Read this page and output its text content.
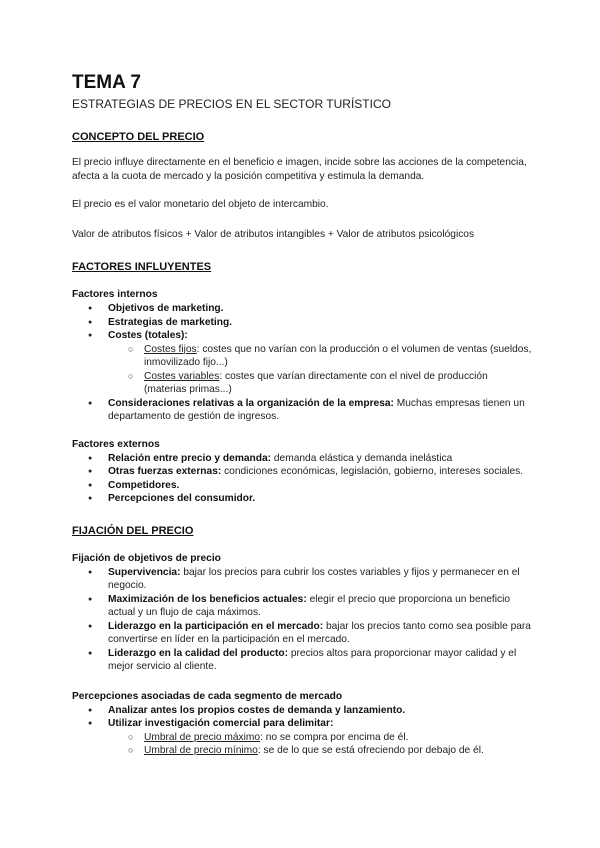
TEMA 7
ESTRATEGIAS DE PRECIOS EN EL SECTOR TURÍSTICO
CONCEPTO DEL PRECIO

El precio influye directamente en el beneficio e imagen, incide sobre las acciones de la competencia, afecta a la cuota de mercado y la posición competitiva y estimula la demanda.

El precio es el valor monetario del objeto de intercambio.

Valor de atributos físicos + Valor de atributos intangibles + Valor de atributos psicológicos

FACTORES INFLUYENTES
Factores internos
● Objetivos de marketing.
● Estrategias de marketing.
● Costes (totales):
○ Costes fijos: costes que no varían con la producción o el volumen de ventas (sueldos, inmovilizado fijo...)
○ Costes variables: costes que varían directamente con el nivel de producción (materias primas...)
● Consideraciones relativas a la organización de la empresa: Muchas empresas tienen un departamento de gestión de ingresos.
Factores externos
● Relación entre precio y demanda: demanda elástica y demanda inelástica
● Otras fuerzas externas: condiciones económicas, legislación, gobierno, intereses sociales.
● Competidores.
● Percepciones del consumidor.
FIJACIÓN DEL PRECIO
Fijación de objetivos de precio
● Supervivencia: bajar los precios para cubrir los costes variables y fijos y permanecer en el negocio.
● Maximización de los beneficios actuales: elegir el precio que proporciona un beneficio actual y un flujo de caja máximos.
● Liderazgo en la participación en el mercado: bajar los precios tanto como sea posible para convertirse en líder en la participación en el mercado.
● Liderazgo en la calidad del producto: precios altos para proporcionar mayor calidad y el mejor servicio al cliente.
Percepciones asociadas de cada segmento de mercado
● Analizar antes los propios costes de demanda y lanzamiento.
● Utilizar investigación comercial para delimitar:
○ Umbral de precio máximo: no se compra por encima de él.
○ Umbral de precio mínimo: se de lo que se está ofreciendo por debajo de él.
